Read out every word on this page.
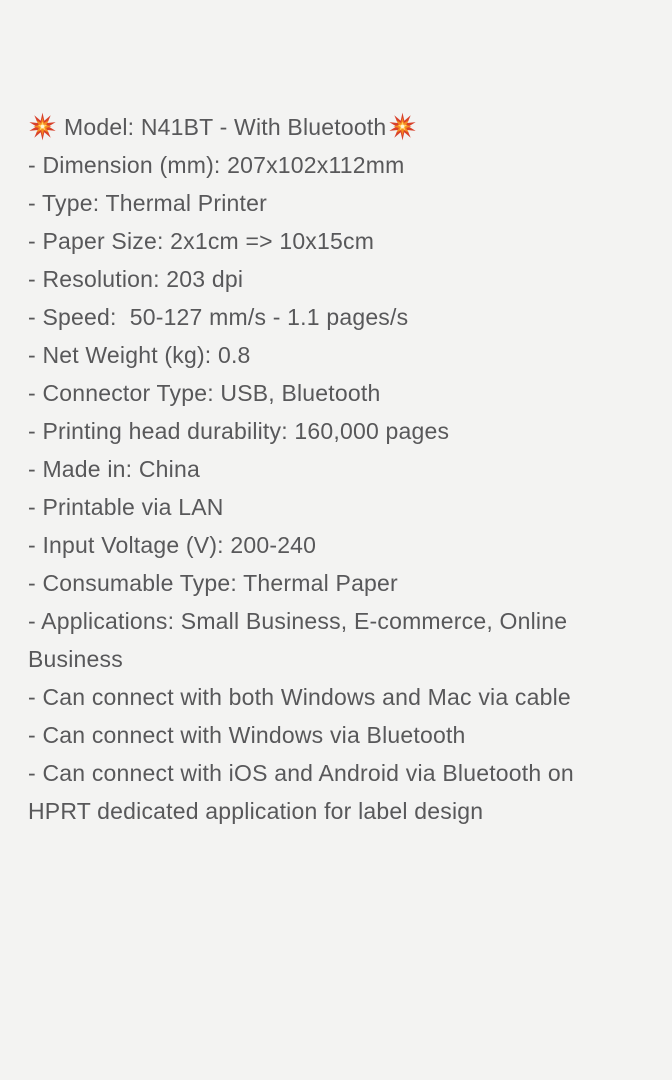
Model: N41BT - With Bluetooth

- Dimension (mm): 207x102x112mm

- Type: Thermal Printer

- Paper Size: 2x1cm => 10x15cm

- Resolution: 203 dpi

- Speed:  50-127 mm/s - 1.1 pages/s

- Net Weight (kg): 0.8

- Connector Type: USB, Bluetooth

- Printing head durability: 160,000 pages

- Made in: China

- Printable via LAN

- Input Voltage (V): 200-240

- Consumable Type: Thermal Paper

- Applications: Small Business, E-commerce, Online Business

- Can connect with both Windows and Mac via cable

- Can connect with Windows via Bluetooth

- Can connect with iOS and Android via Bluetooth on HPRT dedicated application for label design
